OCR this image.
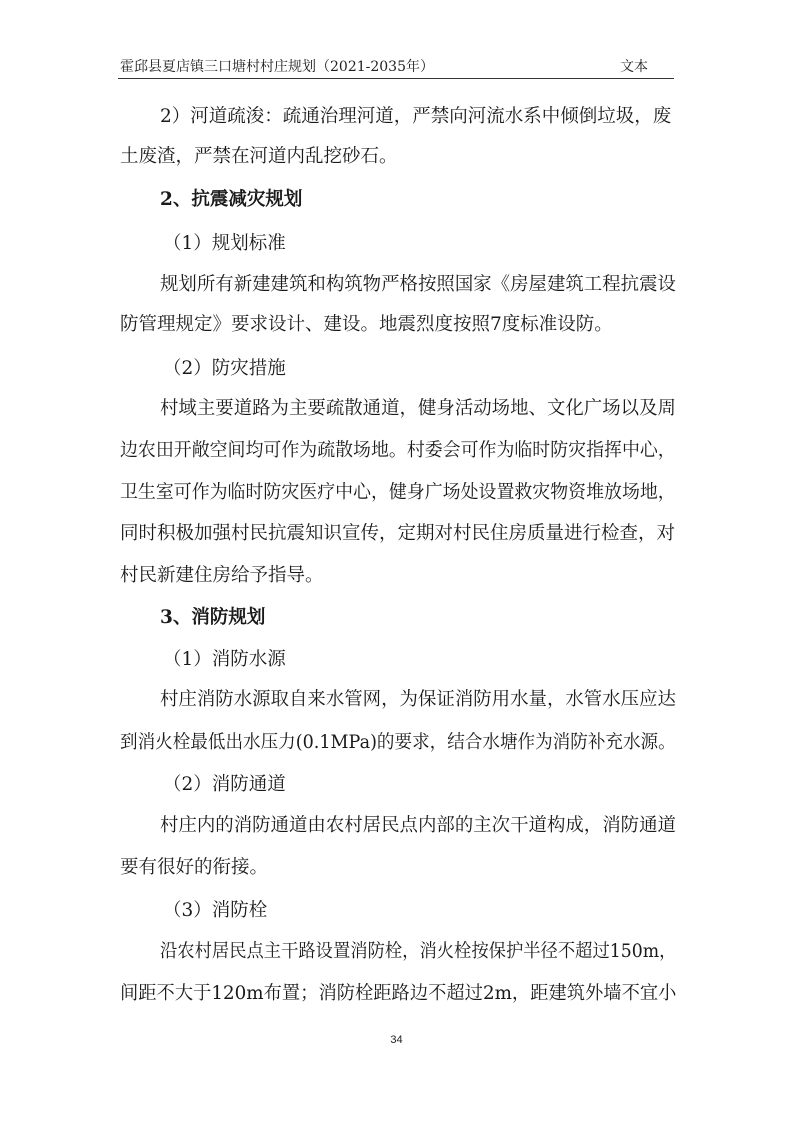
霍邱县夏店镇三口塘村村庄规划（2021-2035年）	文本
2）河道疏浚：疏通治理河道，严禁向河流水系中倾倒垃圾，废
土废渣，严禁在河道内乱挖砂石。
2、抗震减灾规划
（1）规划标准
规划所有新建建筑和构筑物严格按照国家《房屋建筑工程抗震设
防管理规定》要求设计、建设。地震烈度按照7度标准设防。
（2）防灾措施
村域主要道路为主要疏散通道，健身活动场地、文化广场以及周
边农田开敞空间均可作为疏散场地。村委会可作为临时防灾指挥中心，
卫生室可作为临时防灾医疗中心，健身广场处设置救灾物资堆放场地，
同时积极加强村民抗震知识宣传，定期对村民住房质量进行检查，对
村民新建住房给予指导。
3、消防规划
（1）消防水源
村庄消防水源取自来水管网，为保证消防用水量，水管水压应达
到消火栓最低出水压力(0.1MPa)的要求，结合水塘作为消防补充水源。
（2）消防通道
村庄内的消防通道由农村居民点内部的主次干道构成，消防通道
要有很好的衔接。
（3）消防栓
沿农村居民点主干路设置消防栓，消火栓按保护半径不超过150m，
间距不大于120m布置；消防栓距路边不超过2m，距建筑外墙不宜小
34
